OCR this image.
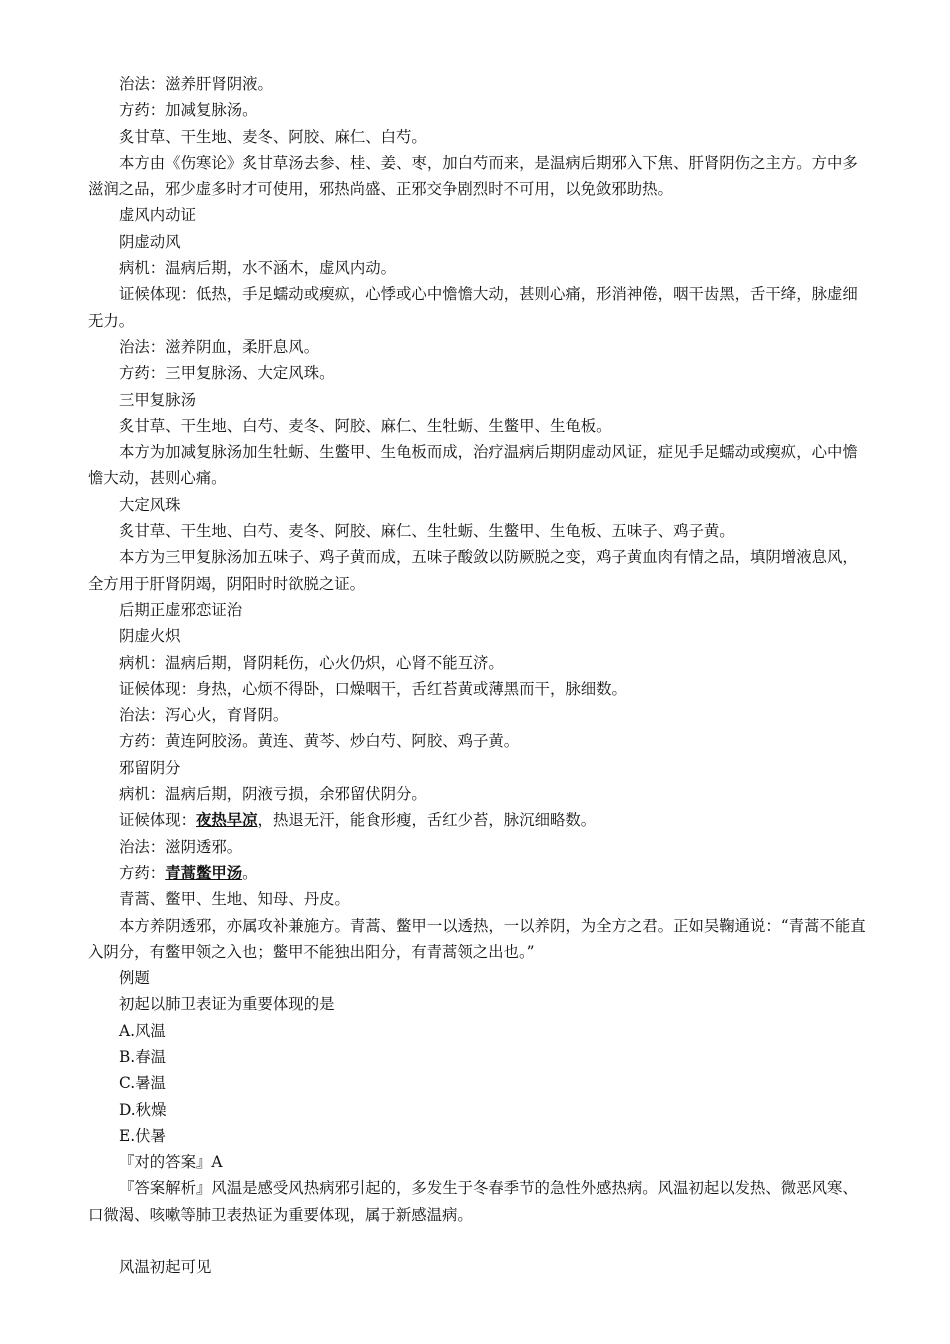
治法：滋养肝肾阴液。

方药：加减复脉汤。

炙甘草、干生地、麦冬、阿胶、麻仁、白芍。

本方由《伤寒论》炙甘草汤去参、桂、姜、枣，加白芍而来，是温病后期邪入下焦、肝肾阴伤之主方。方中多滋润之品，邪少虚多时才可使用，邪热尚盛、正邪交争剧烈时不可用，以免敛邪助热。

虚风内动证

阴虚动风

病机：温病后期，水不涵木，虚风内动。

证候体现：低热，手足蠕动或瘈疭，心悸或心中憺憺大动，甚则心痛，形消神倦，咽干齿黑，舌干绛，脉虚细无力。

治法：滋养阴血，柔肝息风。

方药：三甲复脉汤、大定风珠。

三甲复脉汤

炙甘草、干生地、白芍、麦冬、阿胶、麻仁、生牡蛎、生鳖甲、生龟板。

本方为加减复脉汤加生牡蛎、生鳖甲、生龟板而成，治疗温病后期阴虚动风证，症见手足蠕动或瘈疭，心中憺憺大动，甚则心痛。

大定风珠

炙甘草、干生地、白芍、麦冬、阿胶、麻仁、生牡蛎、生鳖甲、生龟板、五味子、鸡子黄。

本方为三甲复脉汤加五味子、鸡子黄而成，五味子酸敛以防厥脱之变，鸡子黄血肉有情之品，填阴增液息风，全方用于肝肾阴竭，阴阳时时欲脱之证。

后期正虚邪恋证治

阴虚火炽

病机：温病后期，肾阴耗伤，心火仍炽，心肾不能互济。

证候体现：身热，心烦不得卧，口燥咽干，舌红苔黄或薄黑而干，脉细数。

治法：泻心火，育肾阴。

方药：黄连阿胶汤。黄连、黄芩、炒白芍、阿胶、鸡子黄。

邪留阴分

病机：温病后期，阴液亏损，余邪留伏阴分。

证候体现：夜热早凉，热退无汗，能食形瘦，舌红少苔，脉沉细略数。

治法：滋阴透邪。

方药：青蒿鳖甲汤。

青蒿、鳖甲、生地、知母、丹皮。

本方养阴透邪，亦属攻补兼施方。青蒿、鳖甲一以透热，一以养阴，为全方之君。正如吴鞠通说：“青蒿不能直入阴分，有鳖甲领之入也；鳖甲不能独出阳分，有青蒿领之出也。”

例题

初起以肺卫表证为重要体现的是

A.风温

B.春温

C.暑温

D.秋燥

E.伏暑

『对的答案』A

『答案解析』风温是感受风热病邪引起的，多发生于冬春季节的急性外感热病。风温初起以发热、微恶风寒、口微渴、咳嗽等肺卫表热证为重要体现，属于新感温病。

风温初起可见
